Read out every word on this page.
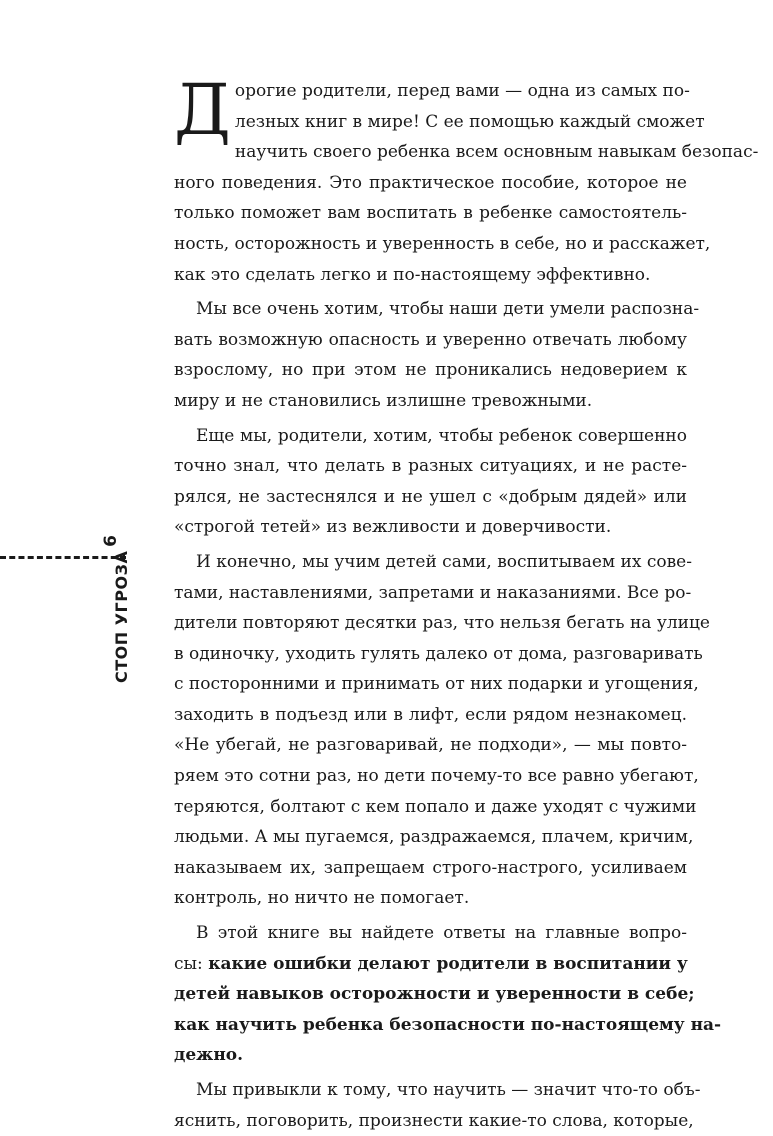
6
СТОП УГРОЗА
Д орогие родители, перед вами — одна из самых по-
лезных книг в мире! С ее помощью каждый сможет
научить своего ребенка всем основным навыкам безопас-
ного поведения. Это практическое пособие, которое не
только поможет вам воспитать в ребенке самостоятель-
ность, осторожность и уверенность в себе, но и расскажет,
как это сделать легко и по-настоящему эффективно.
Мы все очень хотим, чтобы наши дети умели распозна-
вать возможную опасность и уверенно отвечать любому
взрослому, но при этом не проникались недоверием к
миру и не становились излишне тревожными.
Еще мы, родители, хотим, чтобы ребенок совершенно
точно знал, что делать в разных ситуациях, и не расте-
рялся, не застеснялся и не ушел с «добрым дядей» или
«строгой тетей» из вежливости и доверчивости.
И конечно, мы учим детей сами, воспитываем их сове-
тами, наставлениями, запретами и наказаниями. Все ро-
дители повторяют десятки раз, что нельзя бегать на улице
в одиночку, уходить гулять далеко от дома, разговаривать
с посторонними и принимать от них подарки и угощения,
заходить в подъезд или в лифт, если рядом незнакомец.
«Не убегай, не разговаривай, не подходи», — мы повто-
ряем это сотни раз, но дети почему-то все равно убегают,
теряются, болтают с кем попало и даже уходят с чужими
людьми. А мы пугаемся, раздражаемся, плачем, кричим,
наказываем их, запрещаем строго-настрого, усиливаем
контроль, но ничто не помогает.
В этой книге вы найдете ответы на главные вопро-
сы: какие ошибки делают родители в воспитании у
детей навыков осторожности и уверенности в себе;
как научить ребенка безопасности по-настоящему на-
дежно.
Мы привыкли к тому, что научить — значит что-то объ-
яснить, поговорить, произнести какие-то слова, которые,
